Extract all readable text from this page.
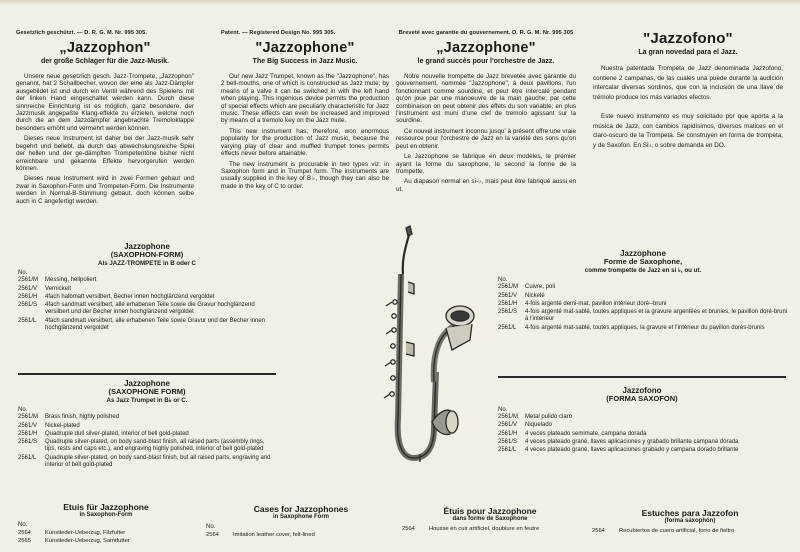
Gesetzlich geschützt. — D. R. G. M. Nr. 995 305.
„Jazzophon"
der große Schlager für die Jazz-Musik.

Unsere neue gesetzlich gesch. Jazz-Trompete, „Jazzophon" genannt, hat 2 Schallbecher, wovon der eine als Jazz-Dämpfer ausgebildet ist und durch ein Ventil während des Spielens mit der linken Hand eingeschaltet werden kann. Durch diese sinnreiche Einrichtung ist es möglich, ganz besondere, der Jazzmusik angepaßte Klang-effekte zu erzielen, welche noch durch die an dem Jazzdämpfer angebrachte Tremoloklappe besonders erhöht und vermehrt werden können.

Dieses neue Instrument ist daher bei der Jazz-musik sehr begehrt und beliebt, da durch das abwechslungsreiche Spiel der hellen und der ge-dämpften Trompetentöne bisher nicht erreichbare und gekannte Effekte hervorgerufen werden können.

Dieses neue Instrument wird in zwei Formen gebaut und zwar in Saxophon-Form und Trompeten-Form. Die Instrumente werden in Normal-B-Stimmung gebaut, doch können selbe auch in C angefertigt werden.

Patent. — Registered Design No. 995 305.
"Jazzophone"
The Big Success in Jazz Music.

Our new Jazz Trumpet, known as the "Jazzophone", has 2 bell-mouths, one of which is constructed as Jazz mute; by means of a valve it can be switched in with the left hand when playing. This ingenious device permits the production of special effects which are peculiarly characteristic for Jazz music. These effects can even be increased and improved by means of a tremolo key on the Jazz mute.

This new instrument has, therefore, won enormous popularity for the production of Jazz music, because the varying play of clear and muffled trumpet tones permits effects never before attainable.

The new instrument is procurable in two types viz: in Saxophon form and in Trumpet form. The instruments are usually supplied in the key of B♭, though they can also be made in the key of C to order.

Breveté avec garantie du gouvernement. D. R. G. M. Nr. 995 305
„Jazzophone"
le grand succès pour l'orchestre de Jazz.

Notre nouvelle trompette de Jazz brevetée avec garantie du gouvernement, nommée "Jazzophone", à deux pavillons, l'un fonctionnant comme sourdine, et peut être intercalé pendant qu'on joue par une manoeuvre de la main gauche; par cette combinaison on peut obtenir des effets du son variable; en plus l'instrument est muni d'une clef de tremolo agissant sur la sourdine.

Ce nouvel instrument inconnu jusqu' à présent offre une vraie ressource pour l'orchestre de Jazz en la variété des sons qu'on peut en obtenir.

Le Jazzophone se fabrique en deux modèles, le premier ayant la forme du saxophone, le second la forme de la trompette.

Au diapason normal en si-♭, mais peut être fabriqué aussi en ut.

"Jazzofono"
La gran novedad para el Jazz.

Nuestra patentada Trompeta de Jazz denominada Jazzofono, contiene 2 campanas, de las cuales una puede durante la audición intercalar diversas sordinos, que con la inclusión de una llave de trémolo produce los más variados efectos.

Este nuevo instrumento es muy solicitado por que aporta a la música de Jazz, con cambios rapidísimos, diversos matices en el claro-oscuro de la Trompeta. Se construyen en forma de trompeta, y de Saxofon. En Si♭, o sobre demanda en DO.

Jazzophone
(SAXOPHON-FORM)
Als JAZZ-TROMPETE in B oder C
No.
2561/M	Messing, hellpoliert
2561/V	Vernickelt
2561/H	4fach halbmatt versilbert, Becher innen hochglänzend vergoldet
2561/S	4fach sandmatt versilbert, alle erhabenen Teile sowie die Gravur hochglänzend versilbert und der Becher innen hochglänzend vergoldet
2561/L	4fach sandmatt versilbert, alle erhabenen Teile sowie Gravur und der Becher innen hochglänzend vergoldet
Jazzophone
(SAXOPHONE FORM)
As Jazz Trumpet in B♭ or C.
No.
2561/M	Brass finish, highly polished
2561/V	Nickel-plated
2561/H	Quadruple dull silver-plated, interior of bell gold-plated
2561/S	Quadruple silver-plated, on body sand-blast finish, all raised parts (assembly rings, tips, rests and caps etc.), and engraving highly polished, interior of bell gold-plated
2561/L	Quadruple silver-plated, on body sand-blast finish, but all raised parts, engraving and interior of bell gold-plated
Jazzophone
Forme de Saxophone,
comme trompette de Jazz en si ♭, ou ut.
No.
2561/M	Cuivre, poli
2561/V	Nickelé
2561/H	4-fois argenté demi-mat, pavillon intérieur doré--bruni
2561/S	4-fois argenté mat-sablé, toutes appliques et la gravure argentées et brunies, le pavillon doré-bruni à l'intérieur
2561/L	4-fois argenté mat-sablé, toutes appliques, la gravure et l'intérieur du pavillon dorés-brunis
Jazzofono
(FORMA SAXOFON)
No.
2561/M	Metal pulido claro
2561/V	Niquelado
2561/H	4 veces plateado semimate, campana dorada
2561/S	4 veces plateado granè, llaves aplicaciones y grabado brillante campana dorada
2561/L	4 veces plateado granè, llaves aplicaciones grabado y campana dorado brillante
Etuis für Jazzophone
in Saxophon-Form
No.
2564	Kunstleder-Ueberzug, Filzfutter
2565	Kunstleder-Ueberzug, Samtfutter
Cases for Jazzophones
in Saxophone Form
No.
2564	Imitation leather cover, felt-lined
Étuis pour Jazzophone
dans forme de Saxophone
2564	Housse en cuir artificiel, doublure en feutre
Estuches para Jazzofon
(forma saxophón)
2564	Recubiertos de cuero artificial, forro de fieltro
